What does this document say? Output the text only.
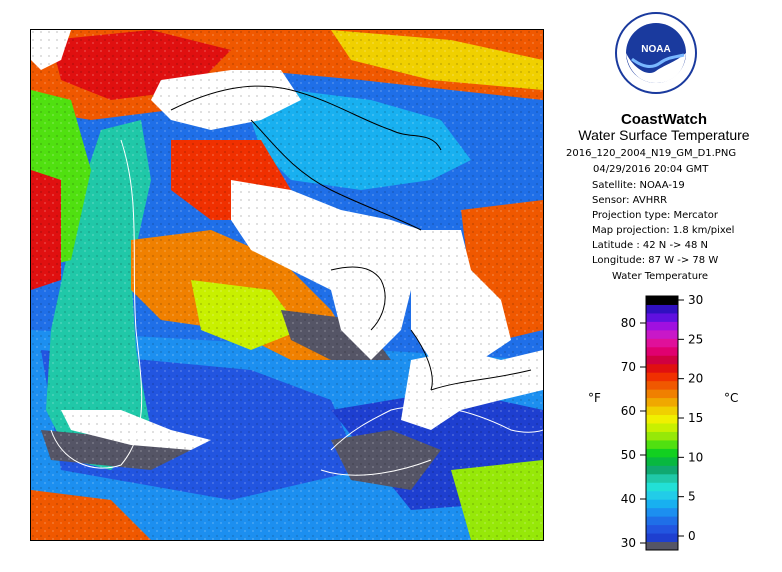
NOAA
CoastWatch
Water Surface Temperature
2016_120_2004_N19_GM_D1.PNG
04/29/2016 20:04 GMT
Satellite: NOAA-19
Sensor: AVHRR
Projection type: Mercator
Map projection: 1.8 km/pixel
Latitude : 42 N -> 48 N
Longitude: 87 W -> 78 W
Water Temperature
30
40
50
60
70
80
0
5
10
15
20
25
30
°F	°C
